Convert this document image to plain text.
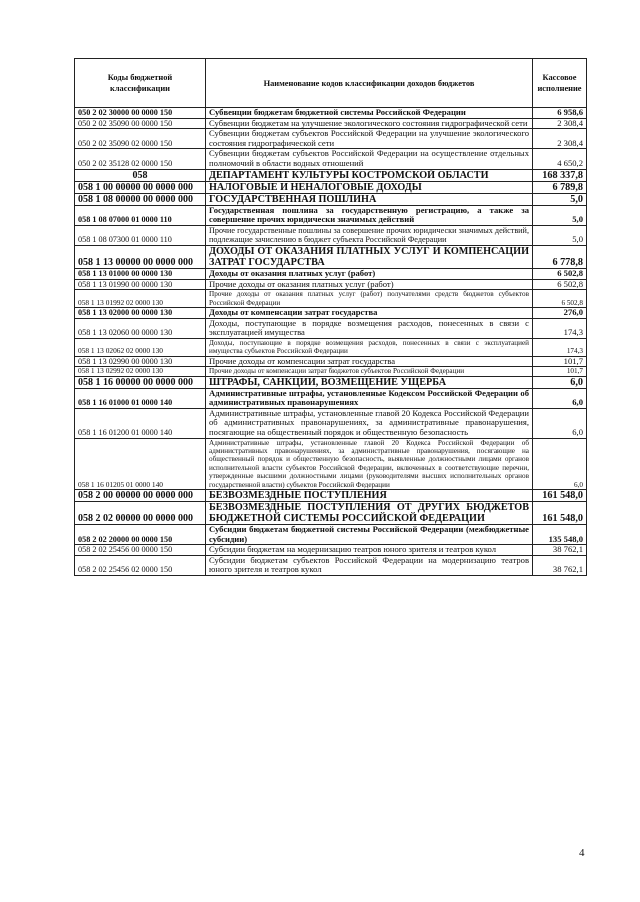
Коды бюджетной классификации	Наименование кодов классификации доходов бюджетов	Кассовое исполнение
050 2 02 30000 00 0000 150	Субвенции бюджетам бюджетной системы Российской Федерации	6 958,6
050 2 02 35090 00 0000 150	Субвенции бюджетам на улучшение экологического состояния гидрографической сети	2 308,4
050 2 02 35090 02 0000 150	Субвенции бюджетам субъектов Российской Федерации на улучшение экологического состояния гидрографической сети	2 308,4
050 2 02 35128 02 0000 150	Субвенции бюджетам субъектов Российской Федерации на осуществление отдельных полномочий в области водных отношений	4 650,2
058	ДЕПАРТАМЕНТ КУЛЬТУРЫ КОСТРОМСКОЙ ОБЛАСТИ	168 337,8
058 1 00 00000 00 0000 000	НАЛОГОВЫЕ И НЕНАЛОГОВЫЕ ДОХОДЫ	6 789,8
058 1 08 00000 00 0000 000	ГОСУДАРСТВЕННАЯ ПОШЛИНА	5,0
058 1 08 07000 01 0000 110	Государственная пошлина за государственную регистрацию, а также за совершение прочих юридически значимых действий	5,0
058 1 08 07300 01 0000 110	Прочие государственные пошлины за совершение прочих юридически значимых действий, подлежащие зачислению в бюджет субъекта Российской Федерации	5,0
058 1 13 00000 00 0000 000	ДОХОДЫ ОТ ОКАЗАНИЯ ПЛАТНЫХ УСЛУГ И КОМПЕНСАЦИИ ЗАТРАТ ГОСУДАРСТВА	6 778,8
058 1 13 01000 00 0000 130	Доходы от оказания платных услуг (работ)	6 502,8
058 1 13 01990 00 0000 130	Прочие доходы от оказания платных услуг (работ)	6 502,8
058 1 13 01992 02 0000 130	Прочие доходы от оказания платных услуг (работ) получателями средств бюджетов субъектов Российской Федерации	6 502,8
058 1 13 02000 00 0000 130	Доходы от компенсации затрат государства	276,0
058 1 13 02060 00 0000 130	Доходы, поступающие в порядке возмещения расходов, понесенных в связи с эксплуатацией имущества	174,3
058 1 13 02062 02 0000 130	Доходы, поступающие в порядке возмещения расходов, понесенных в связи с эксплуатацией имущества субъектов Российской Федерации	174,3
058 1 13 02990 00 0000 130	Прочие доходы от компенсации затрат государства	101,7
058 1 13 02992 02 0000 130	Прочие доходы от компенсации затрат бюджетов субъектов Российской Федерации	101,7
058 1 16 00000 00 0000 000	ШТРАФЫ, САНКЦИИ, ВОЗМЕЩЕНИЕ УЩЕРБА	6,0
058 1 16 01000 01 0000 140	Административные штрафы, установленные Кодексом Российской Федерации об административных правонарушениях	6,0
058 1 16 01200 01 0000 140	Административные штрафы, установленные главой 20 Кодекса Российской Федерации об административных правонарушениях, за административные правонарушения, посягающие на общественный порядок и общественную безопасность	6,0
058 1 16 01205 01 0000 140	Административные штрафы, установленные главой 20 Кодекса Российской Федерации об административных правонарушениях, за административные правонарушения, посягающие на общественный порядок и общественную безопасность, выявленные должностными лицами органов исполнительной власти субъектов Российской Федерации, включенных в соответствующие перечни, утвержденные высшими должностными лицами (руководителями высших исполнительных органов государственной власти) субъектов Российской Федерации	6,0
058 2 00 00000 00 0000 000	БЕЗВОЗМЕЗДНЫЕ ПОСТУПЛЕНИЯ	161 548,0
058 2 02 00000 00 0000 000	БЕЗВОЗМЕЗДНЫЕ ПОСТУПЛЕНИЯ ОТ ДРУГИХ БЮДЖЕТОВ БЮДЖЕТНОЙ СИСТЕМЫ РОССИЙСКОЙ ФЕДЕРАЦИИ	161 548,0
058 2 02 20000 00 0000 150	Субсидии бюджетам бюджетной системы Российской Федерации (межбюджетные субсидии)	135 548,0
058 2 02 25456 00 0000 150	Субсидии бюджетам на модернизацию театров юного зрителя и театров кукол	38 762,1
058 2 02 25456 02 0000 150	Субсидии бюджетам субъектов Российской Федерации на модернизацию театров юного зрителя и театров кукол	38 762,1
4
